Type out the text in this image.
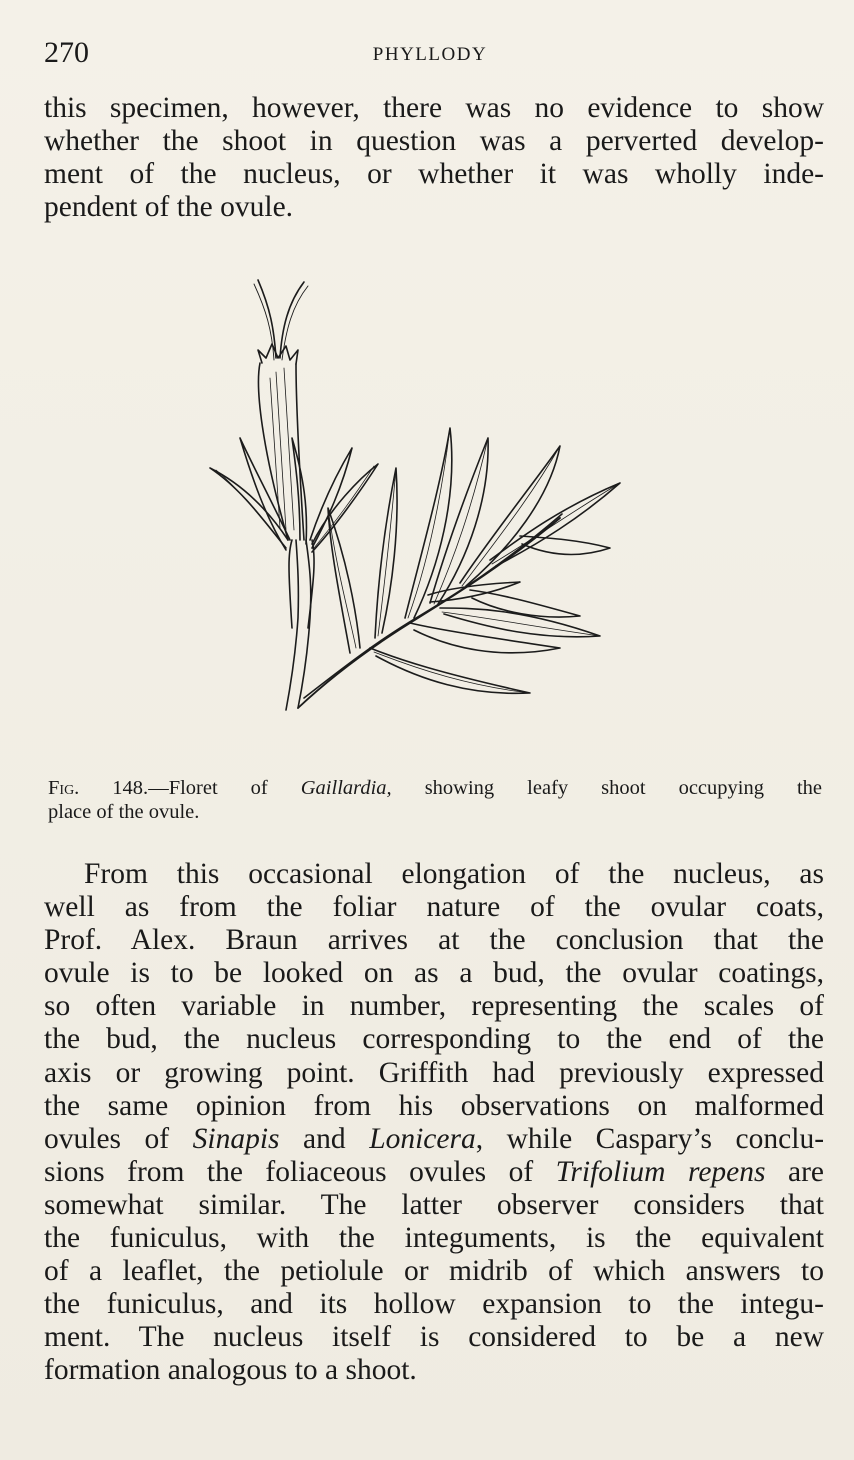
270	PHYLLODY
this specimen, however, there was no evidence to show
whether the shoot in question was a perverted develop-
ment of the nucleus, or whether it was wholly inde-
pendent of the ovule.
Fig. 148.—Floret of Gaillardia, showing leafy shoot occupying the
place of the ovule.
From this occasional elongation of the nucleus, as
well as from the foliar nature of the ovular coats,
Prof. Alex. Braun arrives at the conclusion that the
ovule is to be looked on as a bud, the ovular coatings,
so often variable in number, representing the scales of
the bud, the nucleus corresponding to the end of the
axis or growing point. Griffith had previously expressed
the same opinion from his observations on malformed
ovules of Sinapis and Lonicera, while Caspary’s conclu-
sions from the foliaceous ovules of Trifolium repens are
somewhat similar. The latter observer considers that
the funiculus, with the integuments, is the equivalent
of a leaflet, the petiolule or midrib of which answers to
the funiculus, and its hollow expansion to the integu-
ment. The nucleus itself is considered to be a new
formation analogous to a shoot.
